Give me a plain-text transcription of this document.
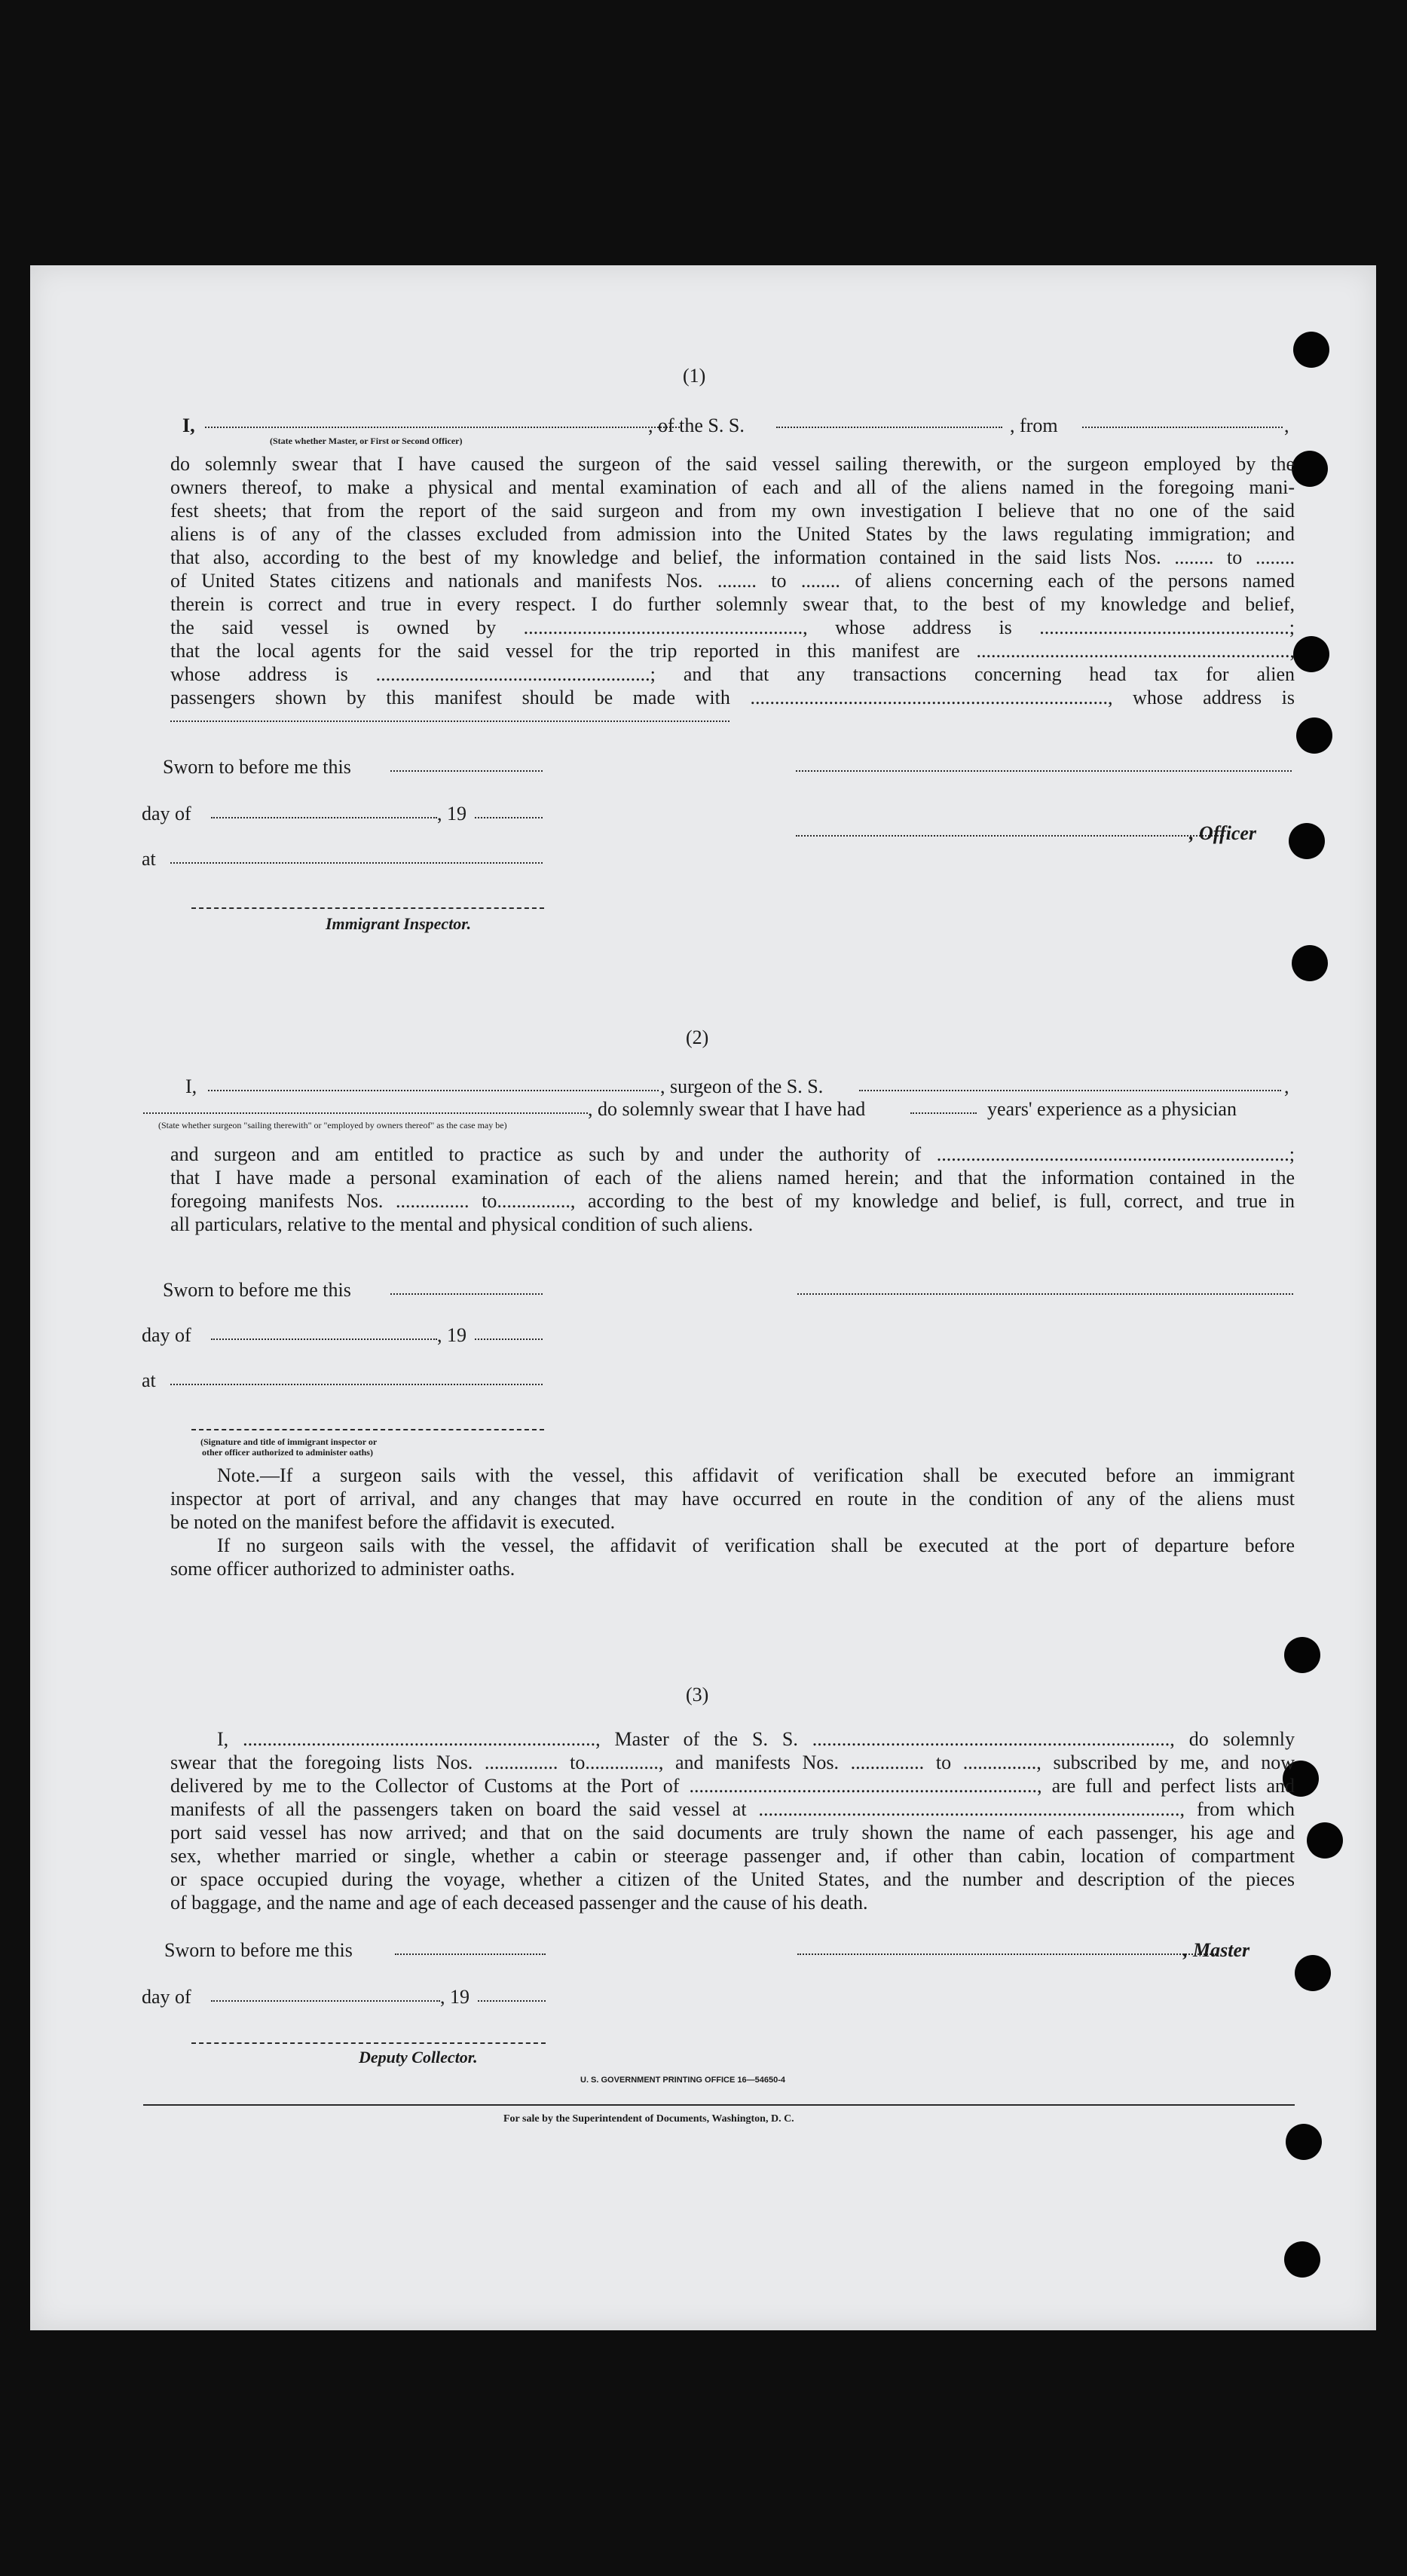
(1)
I,	, of the S. S.	, from	,
(State whether Master, or First or Second Officer)
do solemnly swear that I have caused the surgeon of the said vessel sailing therewith, or the surgeon employed by the
owners thereof, to make a physical and mental examination of each and all of the aliens named in the foregoing mani-
fest sheets; that from the report of the said surgeon and from my own investigation I believe that no one of the said
aliens is of any of the classes excluded from admission into the United States by the laws regulating immigration; and
that also, according to the best of my knowledge and belief, the information contained in the said lists Nos. ........ to ........
of United States citizens and nationals and manifests Nos. ........ to ........ of aliens concerning each of the persons named
therein is correct and true in every respect. I do further solemnly swear that, to the best of my knowledge and belief,
the said vessel is owned by ........................................................., whose address is ...................................................;
that the local agents for the said vessel for the trip reported in this manifest are ................................................................,
whose address is ........................................................; and that any transactions concerning head tax for alien
passengers shown by this manifest should be made with ........................................................................., whose address is
Sworn to before me this
day of	, 19
, Officer
at
Immigrant Inspector.
(2)
I,	, surgeon of the S. S.	,
, do solemnly swear that I have had	years' experience as a physician
(State whether surgeon "sailing therewith" or "employed by owners thereof" as the case may be)
and surgeon and am entitled to practice as such by and under the authority of ........................................................................;
that I have made a personal examination of each of the aliens named herein; and that the information contained in the
foregoing manifests Nos. ............... to..............., according to the best of my knowledge and belief, is full, correct, and true in
all particulars, relative to the mental and physical condition of such aliens.
Sworn to before me this
day of	, 19
at
(Signature and title of immigrant inspector or
other officer authorized to administer oaths)
Note.—If a surgeon sails with the vessel, this affidavit of verification shall be executed before an immigrant
inspector at port of arrival, and any changes that may have occurred en route in the condition of any of the aliens must
be noted on the manifest before the affidavit is executed.
If no surgeon sails with the vessel, the affidavit of verification shall be executed at the port of departure before
some officer authorized to administer oaths.
(3)
I, ........................................................................, Master of the S. S. ........................................................................., do solemnly
swear that the foregoing lists Nos. ............... to..............., and manifests Nos. ............... to ..............., subscribed by me, and now
delivered by me to the Collector of Customs at the Port of ......................................................................., are full and perfect lists and
manifests of all the passengers taken on board the said vessel at ......................................................................................, from which
port said vessel has now arrived; and that on the said documents are truly shown the name of each passenger, his age and
sex, whether married or single, whether a cabin or steerage passenger and, if other than cabin, location of compartment
or space occupied during the voyage, whether a citizen of the United States, and the number and description of the pieces
of baggage, and the name and age of each deceased passenger and the cause of his death.
Sworn to before me this	, Master
day of	, 19
Deputy Collector.
U. S. GOVERNMENT PRINTING OFFICE 16—54650-4
For sale by the Superintendent of Documents, Washington, D. C.
